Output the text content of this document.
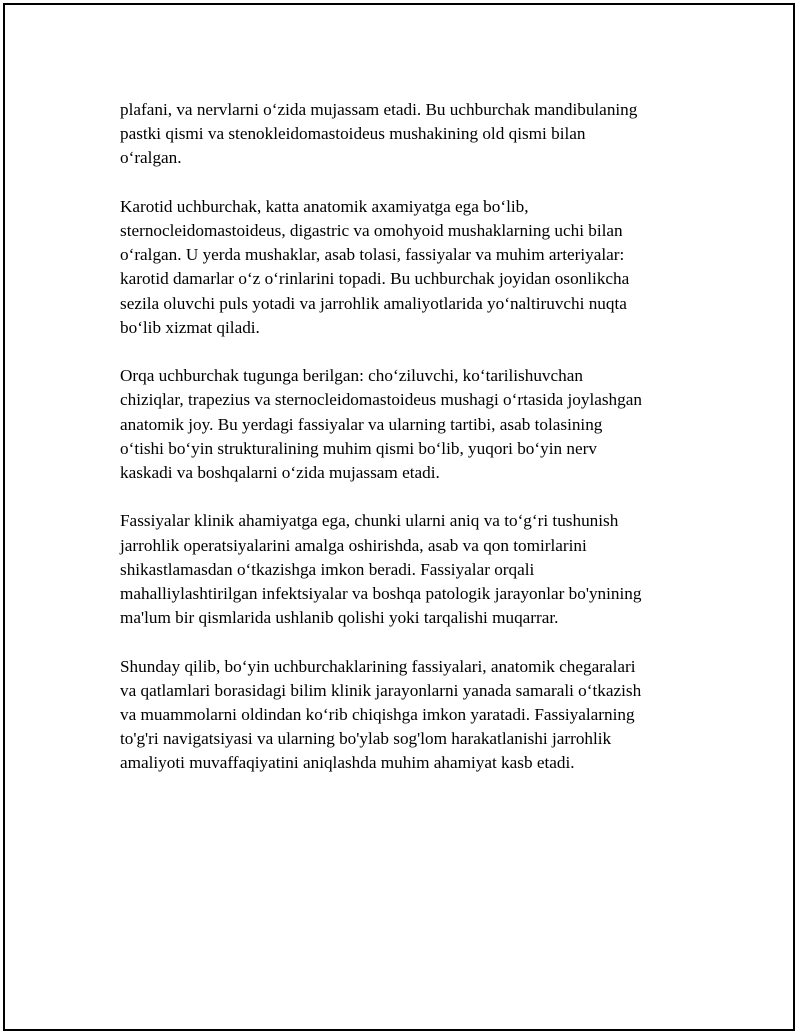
plafani, va nervlarni oʻzida mujassam etadi. Bu uchburchak mandibulaning
pastki qismi va stenokleidomastoideus mushakining old qismi bilan
oʻralgan.

Karotid uchburchak, katta anatomik axamiyatga ega boʻlib,
sternocleidomastoideus, digastric va omohyoid mushaklarning uchi bilan
oʻralgan. U yerda mushaklar, asab tolasi, fassiyalar va muhim arteriyalar:
karotid damarlar oʻz oʻrinlarini topadi. Bu uchburchak joyidan osonlikcha
sezila oluvchi puls yotadi va jarrohlik amaliyotlarida yoʻnaltiruvchi nuqta
boʻlib xizmat qiladi.

Orqa uchburchak tugunga berilgan: choʻziluvchi, koʻtarilishuvchan
chiziqlar, trapezius va sternocleidomastoideus mushagi oʻrtasida joylashgan
anatomik joy. Bu yerdagi fassiyalar va ularning tartibi, asab tolasining
oʻtishi boʻyin strukturalining muhim qismi boʻlib, yuqori boʻyin nerv
kaskadi va boshqalarni oʻzida mujassam etadi.

Fassiyalar klinik ahamiyatga ega, chunki ularni aniq va toʻgʻri tushunish
jarrohlik operatsiyalarini amalga oshirishda, asab va qon tomirlarini
shikastlamasdan oʻtkazishga imkon beradi. Fassiyalar orqali
mahalliylashtirilgan infektsiyalar va boshqa patologik jarayonlar bo'ynining
ma'lum bir qismlarida ushlanib qolishi yoki tarqalishi muqarrar.

Shunday qilib, boʻyin uchburchaklarining fassiyalari, anatomik chegaralari
va qatlamlari borasidagi bilim klinik jarayonlarni yanada samarali oʻtkazish
va muammolarni oldindan koʻrib chiqishga imkon yaratadi. Fassiyalarning
to'g'ri navigatsiyasi va ularning bo'ylab sog'lom harakatlanishi jarrohlik
amaliyoti muvaffaqiyatini aniqlashda muhim ahamiyat kasb etadi.
